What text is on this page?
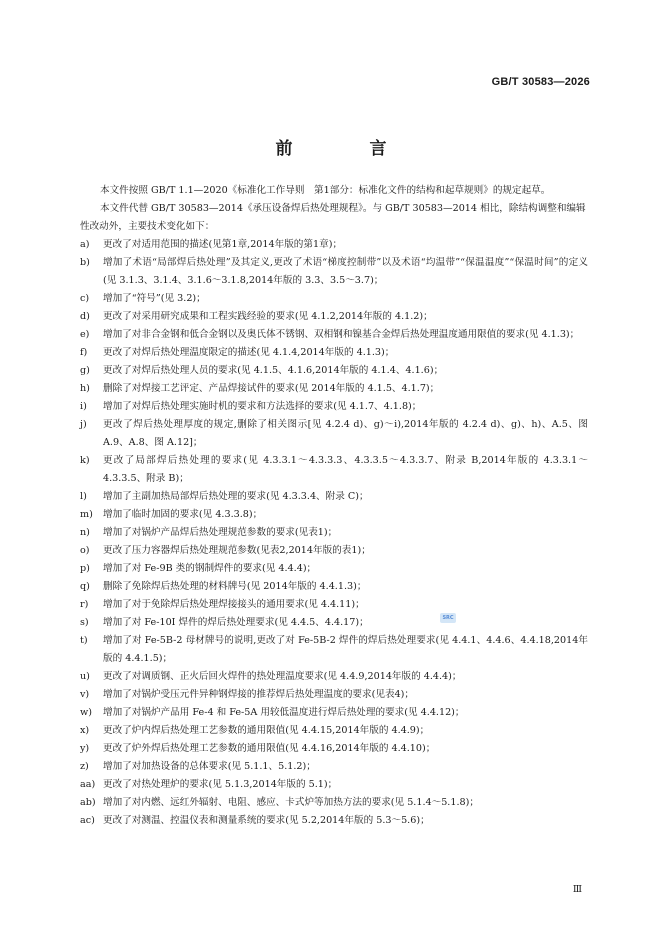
GB/T 30583—2026
前　言

本文件按照 GB/T 1.1—2020《标准化工作导则　第1部分：标准化文件的结构和起草规则》的规定起草。

本文件代替 GB/T 30583—2014《承压设备焊后热处理规程》。与 GB/T 30583—2014 相比，除结构调整和编辑性改动外，主要技术变化如下：

a)	更改了对适用范围的描述(见第1章,2014年版的第1章)；
b)	增加了术语“局部焊后热处理”及其定义,更改了术语“梯度控制带”以及术语“均温带”“保温温度”“保温时间”的定义(见 3.1.3、3.1.4、3.1.6～3.1.8,2014年版的 3.3、3.5～3.7)；
c)	增加了“符号”(见 3.2)；
d)	更改了对采用研究成果和工程实践经验的要求(见 4.1.2,2014年版的 4.1.2)；
e)	增加了对非合金钢和低合金钢以及奥氏体不锈钢、双相钢和镍基合金焊后热处理温度通用限值的要求(见 4.1.3)；
f)	更改了对焊后热处理温度限定的描述(见 4.1.4,2014年版的 4.1.3)；
g)	更改了对焊后热处理人员的要求(见 4.1.5、4.1.6,2014年版的 4.1.4、4.1.6)；
h)	删除了对焊接工艺评定、产品焊接试件的要求(见 2014年版的 4.1.5、4.1.7)；
i)	增加了对焊后热处理实施时机的要求和方法选择的要求(见 4.1.7、4.1.8)；
j)	更改了焊后热处理厚度的规定,删除了相关图示[见 4.2.4 d)、g)～i),2014年版的 4.2.4 d)、g)、h)、A.5、图 A.9、A.8、图 A.12]；
k)	更改了局部焊后热处理的要求(见 4.3.3.1～4.3.3.3、4.3.3.5～4.3.3.7、附录 B,2014年版的 4.3.3.1～4.3.3.5、附录 B)；
l)	增加了主副加热局部焊后热处理的要求(见 4.3.3.4、附录 C)；
m)	增加了临时加固的要求(见 4.3.3.8)；
n)	增加了对锅炉产品焊后热处理规范参数的要求(见表1)；
o)	更改了压力容器焊后热处理规范参数(见表2,2014年版的表1)；
p)	增加了对 Fe-9B 类的钢制焊件的要求(见 4.4.4)；
q)	删除了免除焊后热处理的材料牌号(见 2014年版的 4.4.1.3)；
r)	增加了对于免除焊后热处理焊接接头的通用要求(见 4.4.11)；
s)	增加了对 Fe-10I 焊件的焊后热处理要求(见 4.4.5、4.4.17)；
t)	增加了对 Fe-5B-2 母材牌号的说明,更改了对 Fe-5B-2 焊件的焊后热处理要求(见 4.4.1、4.4.6、4.4.18,2014年版的 4.4.1.5)；
u)	更改了对调质钢、正火后回火焊件的热处理温度要求(见 4.4.9,2014年版的 4.4.4)；
v)	增加了对锅炉受压元件异种钢焊接的推荐焊后热处理温度的要求(见表4)；
w)	增加了对锅炉产品用 Fe-4 和 Fe-5A 用较低温度进行焊后热处理的要求(见 4.4.12)；
x)	更改了炉内焊后热处理工艺参数的通用限值(见 4.4.15,2014年版的 4.4.9)；
y)	更改了炉外焊后热处理工艺参数的通用限值(见 4.4.16,2014年版的 4.4.10)；
z)	增加了对加热设备的总体要求(见 5.1.1、5.1.2)；
aa) 更改了对热处理炉的要求(见 5.1.3,2014年版的 5.1)；
ab) 增加了对内燃、远红外辐射、电阻、感应、卡式炉等加热方法的要求(见 5.1.4～5.1.8)；
ac) 更改了对测温、控温仪表和测量系统的要求(见 5.2,2014年版的 5.3～5.6)；
SRC
Ⅲ
